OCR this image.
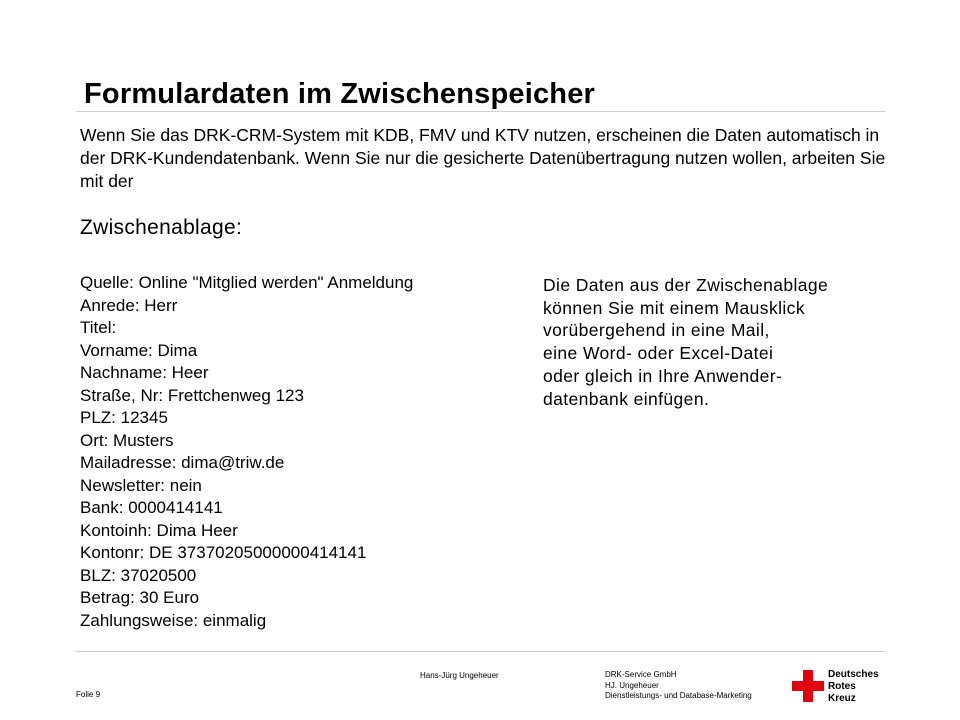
Formulardaten im Zwischenspeicher
Wenn Sie das DRK-CRM-System mit KDB, FMV und KTV nutzen, erscheinen die Daten automatisch in
der DRK-Kundendatenbank. Wenn Sie nur die gesicherte Datenübertragung nutzen wollen, arbeiten Sie
mit der
Zwischenablage:
Quelle: Online "Mitglied werden" Anmeldung
Anrede: Herr
Titel:
Vorname: Dima
Nachname: Heer
Straße, Nr: Frettchenweg 123
PLZ: 12345
Ort: Musters
Mailadresse: dima@triw.de
Newsletter: nein
Bank: 0000414141
Kontoinh: Dima Heer
Kontonr: DE 37370205000000414141
BLZ: 37020500
Betrag: 30 Euro
Zahlungsweise: einmalig
Die Daten aus der Zwischenablage
können Sie mit einem Mausklick
vorübergehend in eine Mail,
eine Word- oder Excel-Datei
oder gleich in Ihre Anwender-
datenbank einfügen.
Folie 9
Hans-Jürg Ungeheuer	DRK-Service GmbH
HJ. Ungeheuer
Dienstleistungs- und Database-Marketing
Deutsches
Rotes
Kreuz
